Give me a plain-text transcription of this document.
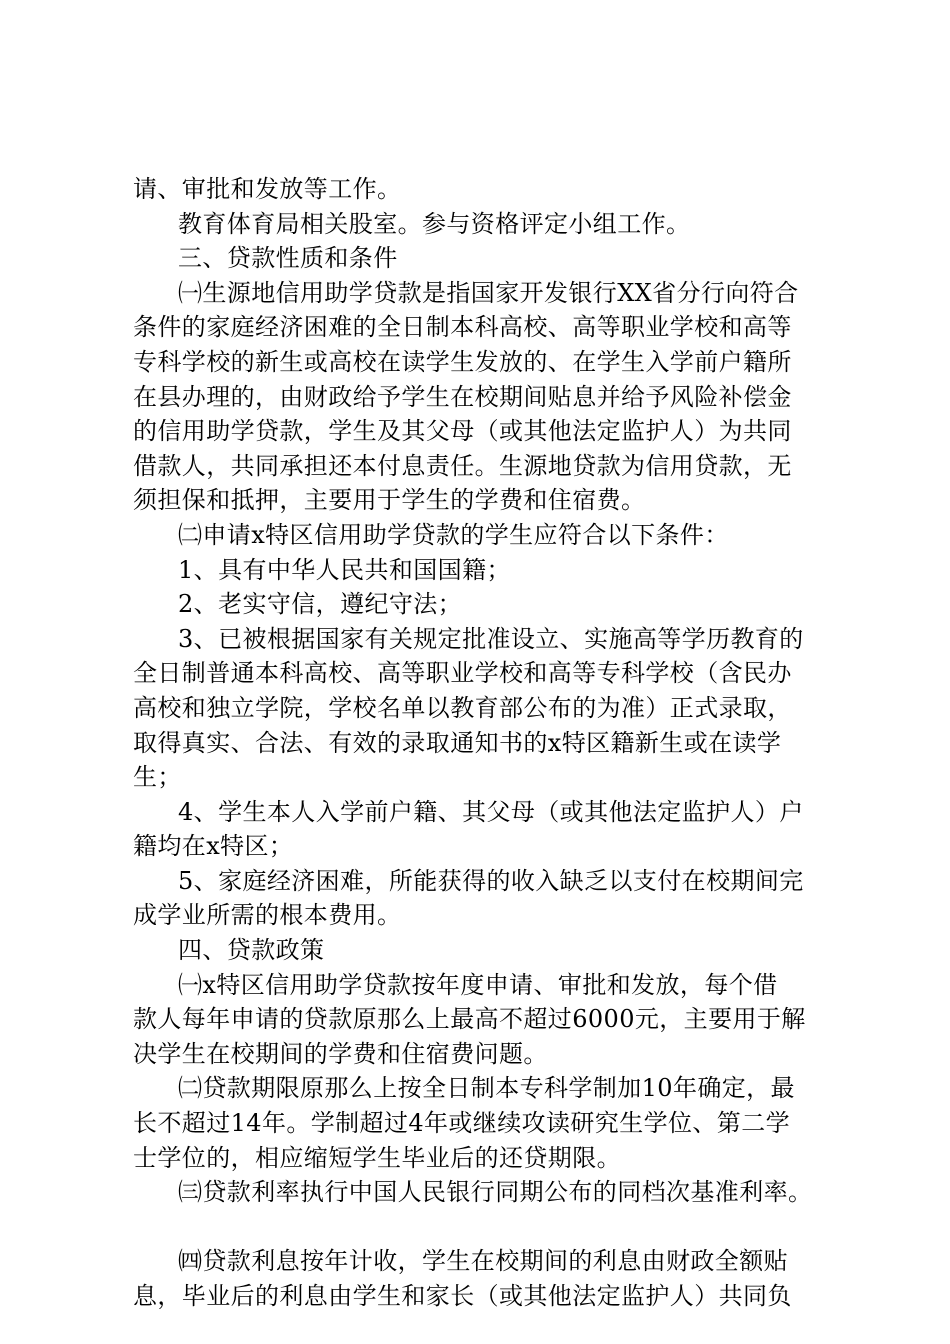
请、审批和发放等工作。
教育体育局相关股室。参与资格评定小组工作。
三、贷款性质和条件
㈠生源地信用助学贷款是指国家开发银行XX省分行向符合
条件的家庭经济困难的全日制本科高校、高等职业学校和高等
专科学校的新生或高校在读学生发放的、在学生入学前户籍所
在县办理的，由财政给予学生在校期间贴息并给予风险补偿金
的信用助学贷款，学生及其父母（或其他法定监护人）为共同
借款人，共同承担还本付息责任。生源地贷款为信用贷款，无
须担保和抵押，主要用于学生的学费和住宿费。
㈡申请x特区信用助学贷款的学生应符合以下条件：
1、具有中华人民共和国国籍；
2、老实守信，遵纪守法；
3、已被根据国家有关规定批准设立、实施高等学历教育的
全日制普通本科高校、高等职业学校和高等专科学校（含民办
高校和独立学院，学校名单以教育部公布的为准）正式录取，
取得真实、合法、有效的录取通知书的x特区籍新生或在读学
生；
4、学生本人入学前户籍、其父母（或其他法定监护人）户
籍均在x特区；
5、家庭经济困难，所能获得的收入缺乏以支付在校期间完
成学业所需的根本费用。
四、贷款政策
㈠x特区信用助学贷款按年度申请、审批和发放，每个借
款人每年申请的贷款原那么上最高不超过6000元，主要用于解
决学生在校期间的学费和住宿费问题。
㈡贷款期限原那么上按全日制本专科学制加10年确定，最
长不超过14年。学制超过4年或继续攻读研究生学位、第二学
士学位的，相应缩短学生毕业后的还贷期限。
㈢贷款利率执行中国人民银行同期公布的同档次基准利率。
㈣贷款利息按年计收，学生在校期间的利息由财政全额贴
息，毕业后的利息由学生和家长（或其他法定监护人）共同负
